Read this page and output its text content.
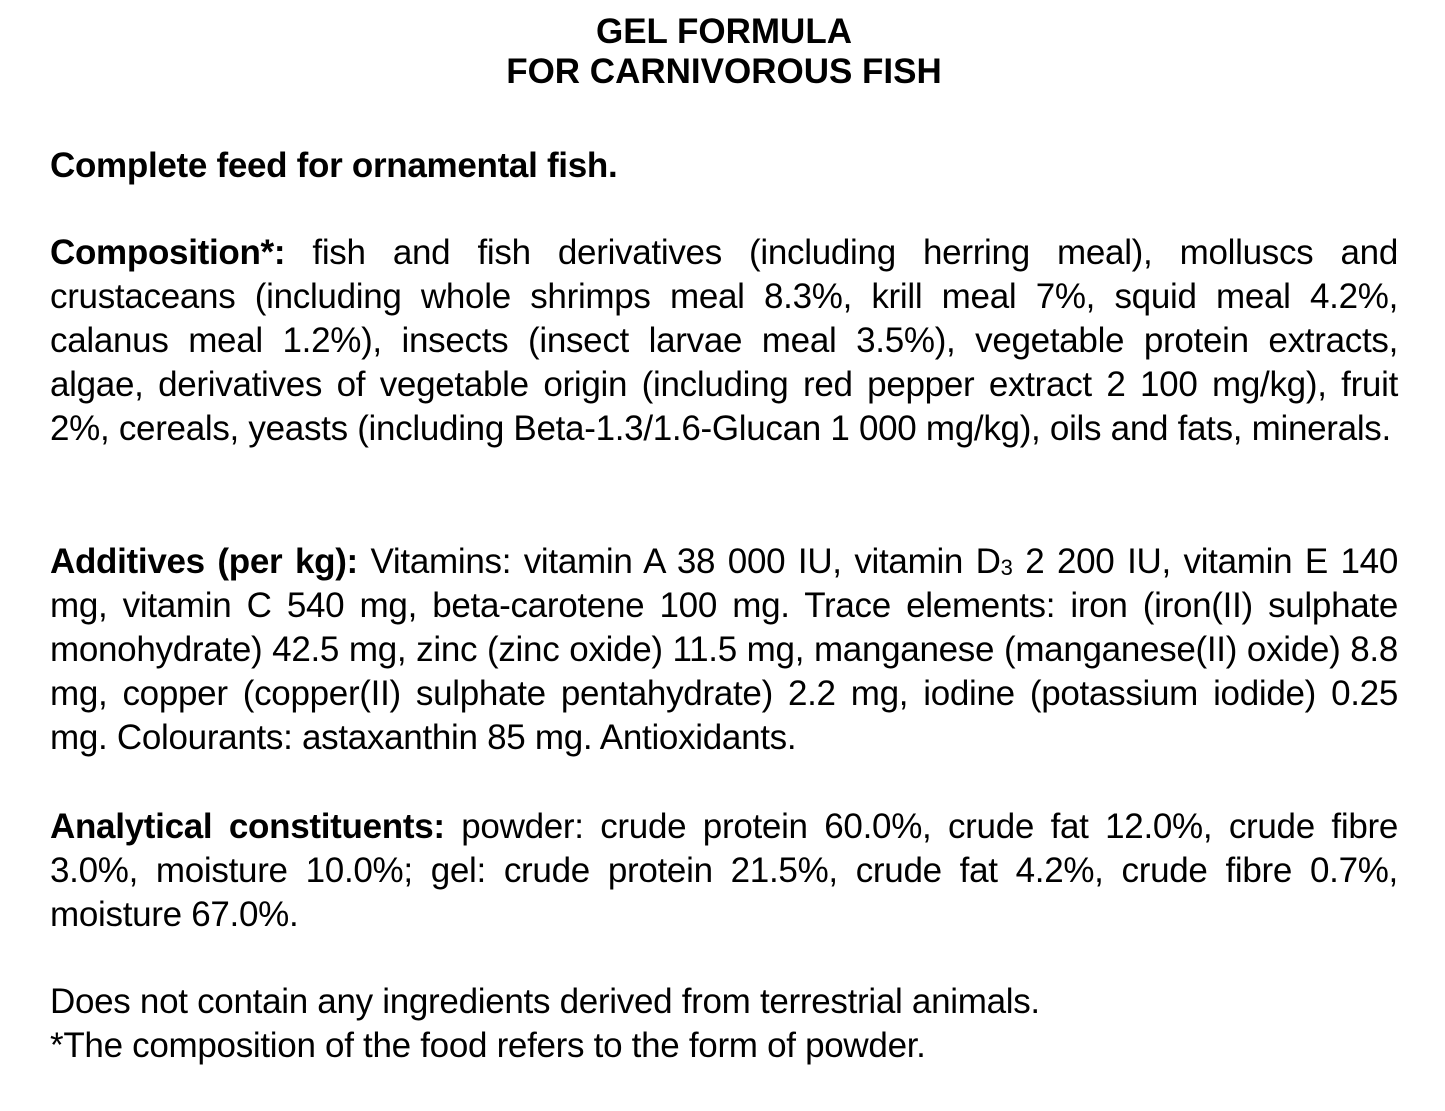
GEL FORMULA
FOR CARNIVOROUS FISH

Complete feed for ornamental fish.

Composition*: fish and fish derivatives (including herring meal), molluscs and crustaceans (including whole shrimps meal 8.3%, krill meal 7%, squid meal 4.2%, calanus meal 1.2%), insects (insect larvae meal 3.5%), vegetable protein extracts, algae, derivatives of vegetable origin (including red pepper extract 2 100 mg/kg), fruit 2%, cereals, yeasts (including Beta-1.3/1.6-Glucan 1 000 mg/kg), oils and fats, minerals.

Additives (per kg): Vitamins: vitamin A 38 000 IU, vitamin $D_3$ 2 200 IU, vitamin E 140 mg, vitamin C 540 mg, beta-carotene 100 mg. Trace elements: iron (iron(II) sulphate monohydrate) 42.5 mg, zinc (zinc oxide) 11.5 mg, manganese (manganese(II) oxide) 8.8 mg, copper (copper(II) sulphate pentahydrate) 2.2 mg, iodine (potassium iodide) 0.25 mg. Colourants: astaxanthin 85 mg. Antioxidants.

Analytical constituents: powder: crude protein 60.0%, crude fat 12.0%, crude fibre 3.0%, moisture 10.0%; gel: crude protein 21.5%, crude fat 4.2%, crude fibre 0.7%, moisture 67.0%.

Does not contain any ingredients derived from terrestrial animals.
*The composition of the food refers to the form of powder.
